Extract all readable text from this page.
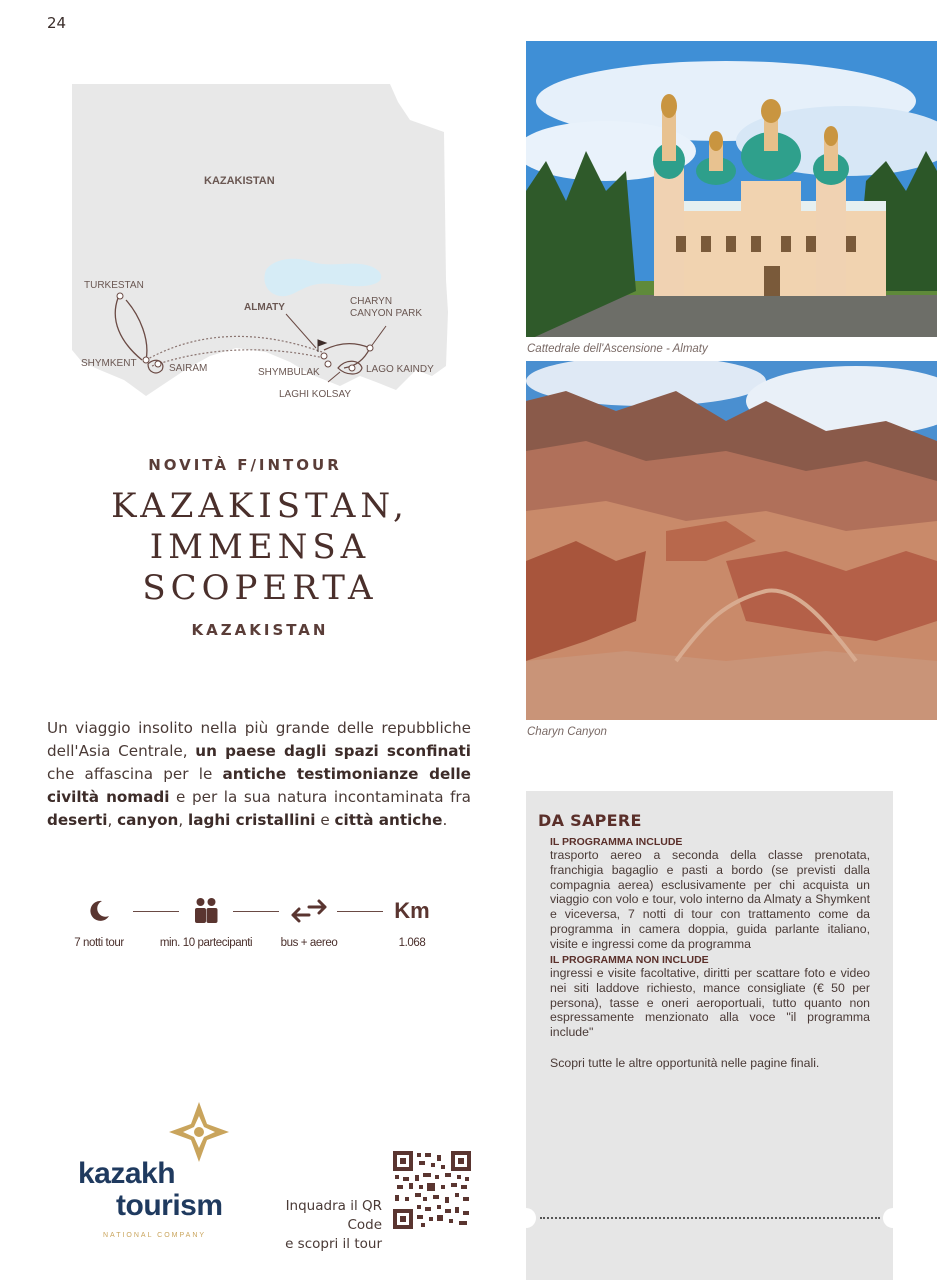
24
KAZAKISTAN
TURKESTAN
SHYMKENT	SAIRAM
ALMATY
CHARYN
CANYON PARK
SHYMBULAK	LAGO KAINDY
LAGHI KOLSAY
NOVITÀ F/INTOUR
KAZAKISTAN,
IMMENSA
SCOPERTA
KAZAKISTAN
Un viaggio insolito nella più grande delle repubbliche dell'Asia Centrale, un paese dagli spazi sconfinati che affascina per le antiche testimonianze delle civiltà nomadi e per la sua natura incontaminata fra deserti, canyon, laghi cristallini e città antiche.
7 notti tour	min. 10 partecipanti	bus + aereo
Km
1.068
kazakh
tourism
NATIONAL COMPANY
Inquadra il QR Code
e scopri il tour
Cattedrale dell'Ascensione - Almaty
Charyn Canyon
DA SAPERE
IL PROGRAMMA INCLUDE
trasporto aereo a seconda della classe prenotata, franchigia bagaglio e pasti a bordo (se previsti dalla compagnia aerea) esclusivamente per chi acquista un viaggio con volo e tour, volo interno da Almaty a Shymkent e viceversa, 7 notti di tour con trattamento come da programma in camera doppia, guida parlante italiano, visite e ingressi come da programma
IL PROGRAMMA NON INCLUDE
ingressi e visite facoltative, diritti per scattare foto e video nei siti laddove richiesto, mance consigliate (€ 50 per persona), tasse e oneri aeroportuali, tutto quanto non espressamente menzionato alla voce "il programma include"
Scopri tutte le altre opportunità nelle pagine finali.
